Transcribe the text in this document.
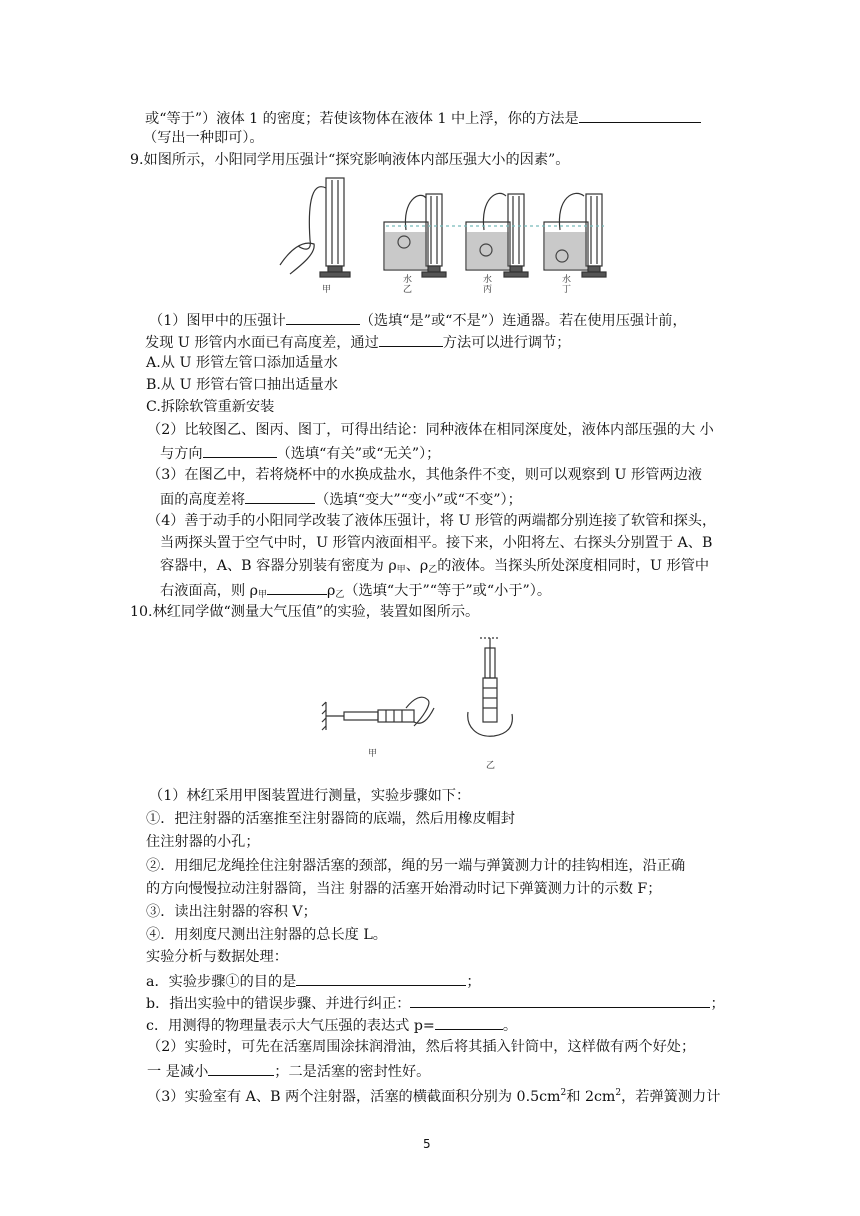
或“等于”）液体 1 的密度；若使该物体在液体 1 中上浮，你的方法是
（写出一种即可）。
9.如图所示，小阳同学用压强计“探究影响液体内部压强大小的因素”。
甲	乙
水
丙
水
丁
水
（1）图甲中的压强计	（选填“是”或“不是”）连通器。若在使用压强计前，
发现 U 形管内水面已有高度差，通过	方法可以进行调节；
A.从 U 形管左管口添加适量水
B.从 U 形管右管口抽出适量水
C.拆除软管重新安装
（2）比较图乙、图丙、图丁，可得出结论：同种液体在相同深度处，液体内部压强的大 小
与方向	（选填“有关”或“无关”）；
（3）在图乙中，若将烧杯中的水换成盐水，其他条件不变，则可以观察到 U 形管两边液
面的高度差将	（选填“变大”“变小”或“不变”）；
（4）善于动手的小阳同学改装了液体压强计，将 U 形管的两端都分别连接了软管和探头，
当两探头置于空气中时，U 形管内液面相平。接下来，小阳将左、右探头分别置于 A、B
容器中，A、B 容器分别装有密度为 $\rho_甲$、$\rho_乙$的液体。当探头所处深度相同时，U 形管中
右液面高，则 $\rho_甲$	$\rho_乙$（选填“大于”“等于”或“小于”）。
10.林红同学做“测量大气压值”的实验，装置如图所示。
甲
乙
（1）林红采用甲图装置进行测量，实验步骤如下：
①．把注射器的活塞推至注射器筒的底端，然后用橡皮帽封
住注射器的小孔；
②．用细尼龙绳拴住注射器活塞的颈部，绳的另一端与弹簧测力计的挂钩相连，沿正确
的方向慢慢拉动注射器筒，当注 射器的活塞开始滑动时记下弹簧测力计的示数 F；
③．读出注射器的容积 V；
④．用刻度尺测出注射器的总长度 L。
实验分析与数据处理：
a．实验步骤①的目的是	；
b．指出实验中的错误步骤、并进行纠正：	；
c．用测得的物理量表示大气压强的表达式 p=	。
（2）实验时，可先在活塞周围涂抹润滑油，然后将其插入针筒中，这样做有两个好处；
一 是减小	；二是活塞的密封性好。
（3）实验室有 A、B 两个注射器，活塞的横截面积分别为 $0.5cm^2$和 $2cm^2$，若弹簧测力计
5
